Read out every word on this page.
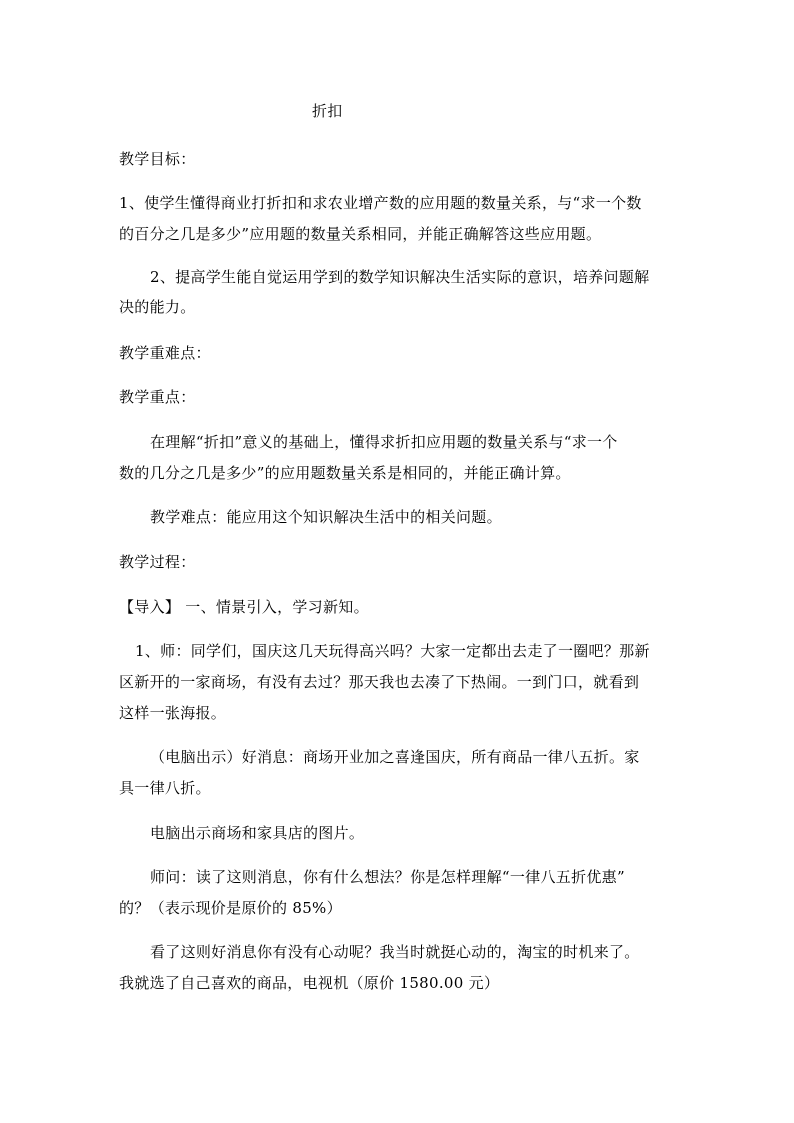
折扣
教学目标：
1、使学生懂得商业打折扣和求农业增产数的应用题的数量关系，与“求一个数
的百分之几是多少”应用题的数量关系相同，并能正确解答这些应用题。
2、提高学生能自觉运用学到的数学知识解决生活实际的意识，培养问题解
决的能力。
教学重难点：
教学重点：
在理解“折扣”意义的基础上，懂得求折扣应用题的数量关系与“求一个
数的几分之几是多少”的应用题数量关系是相同的，并能正确计算。
教学难点：能应用这个知识解决生活中的相关问题。
教学过程：
【导入】 一、情景引入，学习新知。
1、师：同学们，国庆这几天玩得高兴吗？大家一定都出去走了一圈吧？那新
区新开的一家商场，有没有去过？那天我也去凑了下热闹。一到门口，就看到
这样一张海报。
（电脑出示）好消息：商场开业加之喜逢国庆，所有商品一律八五折。家
具一律八折。
电脑出示商场和家具店的图片。
师问：读了这则消息，你有什么想法？你是怎样理解“一律八五折优惠”
的？（表示现价是原价的 85%）
看了这则好消息你有没有心动呢？我当时就挺心动的，淘宝的时机来了。
我就选了自己喜欢的商品，电视机（原价 1580.00 元）
